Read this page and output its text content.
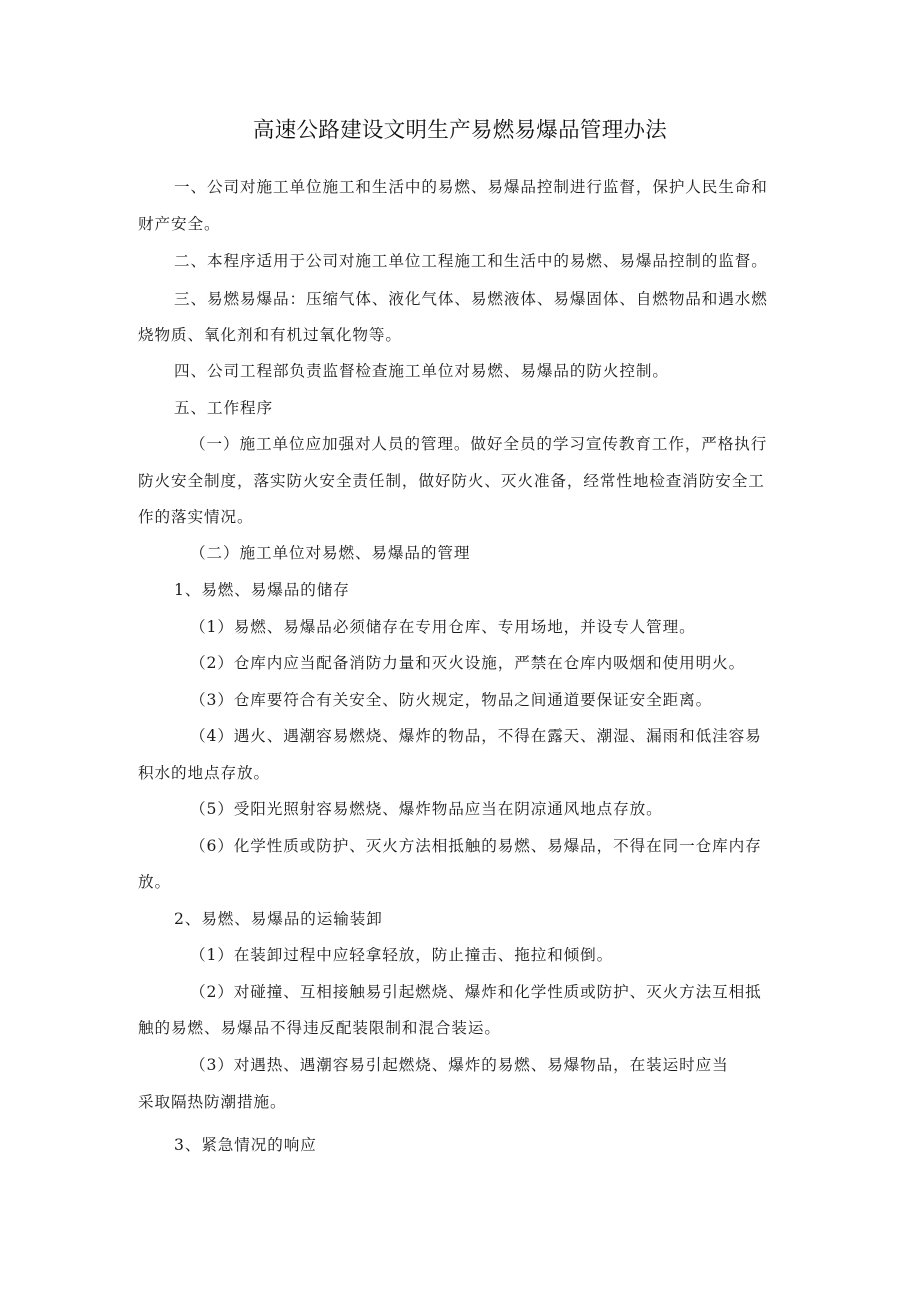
高速公路建设文明生产易燃易爆品管理办法
一、公司对施工单位施工和生活中的易燃、易爆品控制进行监督，保护人民生命和
财产安全。
二、本程序适用于公司对施工单位工程施工和生活中的易燃、易爆品控制的监督。
三、易燃易爆品：压缩气体、液化气体、易燃液体、易爆固体、自燃物品和遇水燃
烧物质、氧化剂和有机过氧化物等。
四、公司工程部负责监督检查施工单位对易燃、易爆品的防火控制。
五、工作程序
（一）施工单位应加强对人员的管理。做好全员的学习宣传教育工作，严格执行
防火安全制度，落实防火安全责任制，做好防火、灭火准备，经常性地检查消防安全工
作的落实情况。
（二）施工单位对易燃、易爆品的管理
1、易燃、易爆品的储存
（1）易燃、易爆品必须储存在专用仓库、专用场地，并设专人管理。
（2）仓库内应当配备消防力量和灭火设施，严禁在仓库内吸烟和使用明火。
（3）仓库要符合有关安全、防火规定，物品之间通道要保证安全距离。
（4）遇火、遇潮容易燃烧、爆炸的物品，不得在露天、潮湿、漏雨和低洼容易
积水的地点存放。
（5）受阳光照射容易燃烧、爆炸物品应当在阴凉通风地点存放。
（6）化学性质或防护、灭火方法相抵触的易燃、易爆品，不得在同一仓库内存
放。
2、易燃、易爆品的运输装卸
（1）在装卸过程中应轻拿轻放，防止撞击、拖拉和倾倒。
（2）对碰撞、互相接触易引起燃烧、爆炸和化学性质或防护、灭火方法互相抵
触的易燃、易爆品不得违反配装限制和混合装运。
（3）对遇热、遇潮容易引起燃烧、爆炸的易燃、易爆物品，在装运时应当
采取隔热防潮措施。
3、紧急情况的响应
